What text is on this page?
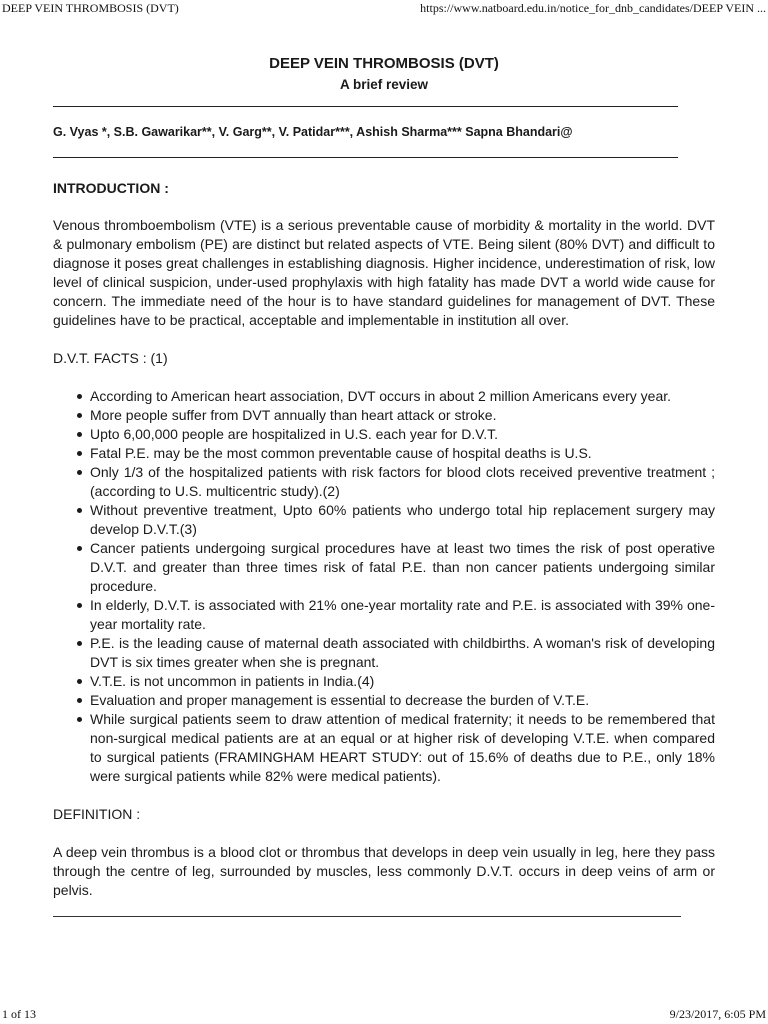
DEEP VEIN THROMBOSIS (DVT)	https://www.natboard.edu.in/notice_for_dnb_candidates/DEEP VEIN ...
DEEP VEIN THROMBOSIS (DVT)

A brief review

G. Vyas *, S.B. Gawarikar**, V. Garg**, V. Patidar***, Ashish Sharma*** Sapna Bhandari@

INTRODUCTION :

Venous thromboembolism (VTE) is a serious preventable cause of morbidity & mortality in the world. DVT & pulmonary embolism (PE) are distinct but related aspects of VTE. Being silent (80% DVT) and difficult to diagnose it poses great challenges in establishing diagnosis. Higher incidence, underestimation of risk, low level of clinical suspicion, under-used prophylaxis with high fatality has made DVT a world wide cause for concern. The immediate need of the hour is to have standard guidelines for management of DVT. These guidelines have to be practical, acceptable and implementable in institution all over.

D.V.T. FACTS : (1)

According to American heart association, DVT occurs in about 2 million Americans every year.
More people suffer from DVT annually than heart attack or stroke.
Upto 6,00,000 people are hospitalized in U.S. each year for D.V.T.
Fatal P.E. may be the most common preventable cause of hospital deaths is U.S.
Only 1/3 of the hospitalized patients with risk factors for blood clots received preventive treatment ; (according to U.S. multicentric study).(2)
Without preventive treatment, Upto 60% patients who undergo total hip replacement surgery may develop D.V.T.(3)
Cancer patients undergoing surgical procedures have at least two times the risk of post operative D.V.T. and greater than three times risk of fatal P.E. than non cancer patients undergoing similar procedure.
In elderly, D.V.T. is associated with 21% one-year mortality rate and P.E. is associated with 39% one-year mortality rate.
P.E. is the leading cause of maternal death associated with childbirths. A woman's risk of developing DVT is six times greater when she is pregnant.
V.T.E. is not uncommon in patients in India.(4)
Evaluation and proper management is essential to decrease the burden of V.T.E.
While surgical patients seem to draw attention of medical fraternity; it needs to be remembered that non-surgical medical patients are at an equal or at higher risk of developing V.T.E. when compared to surgical patients (FRAMINGHAM HEART STUDY: out of 15.6% of deaths due to P.E., only 18% were surgical patients while 82% were medical patients).

DEFINITION :

A deep vein thrombus is a blood clot or thrombus that develops in deep vein usually in leg, here they pass through the centre of leg, surrounded by muscles, less commonly D.V.T. occurs in deep veins of arm or pelvis.

1 of 13	9/23/2017, 6:05 PM
